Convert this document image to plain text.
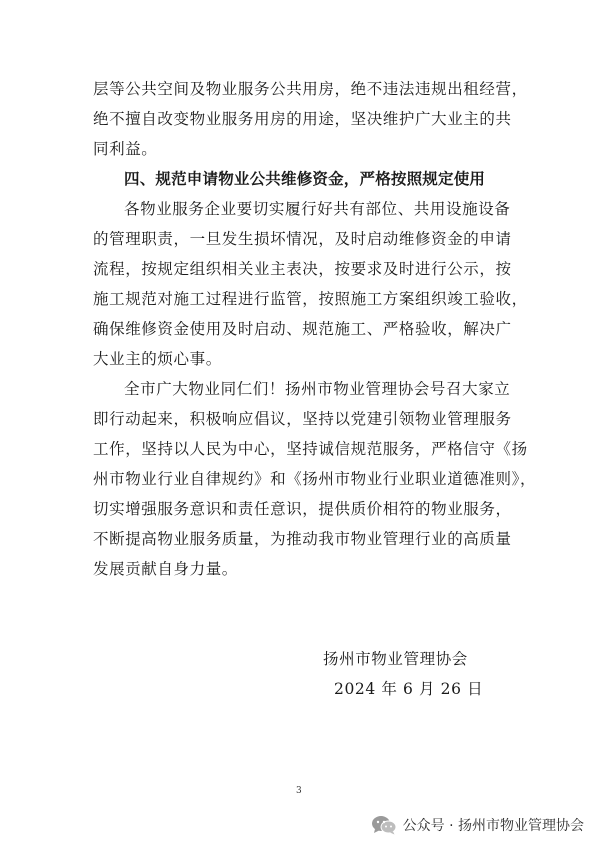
层等公共空间及物业服务公共用房，绝不违法违规出租经营，
绝不擅自改变物业服务用房的用途，坚决维护广大业主的共
同利益。
四、规范申请物业公共维修资金，严格按照规定使用
各物业服务企业要切实履行好共有部位、共用设施设备
的管理职责，一旦发生损坏情况，及时启动维修资金的申请
流程，按规定组织相关业主表决，按要求及时进行公示，按
施工规范对施工过程进行监管，按照施工方案组织竣工验收，
确保维修资金使用及时启动、规范施工、严格验收，解决广
大业主的烦心事。
全市广大物业同仁们！扬州市物业管理协会号召大家立
即行动起来，积极响应倡议，坚持以党建引领物业管理服务
工作，坚持以人民为中心，坚持诚信规范服务，严格信守《扬
州市物业行业自律规约》和《扬州市物业行业职业道德准则》，
切实增强服务意识和责任意识，提供质价相符的物业服务，
不断提高物业服务质量，为推动我市物业管理行业的高质量
发展贡献自身力量。
扬州市物业管理协会
2024 年 6 月 26 日
3
公众号 · 扬州市物业管理协会
